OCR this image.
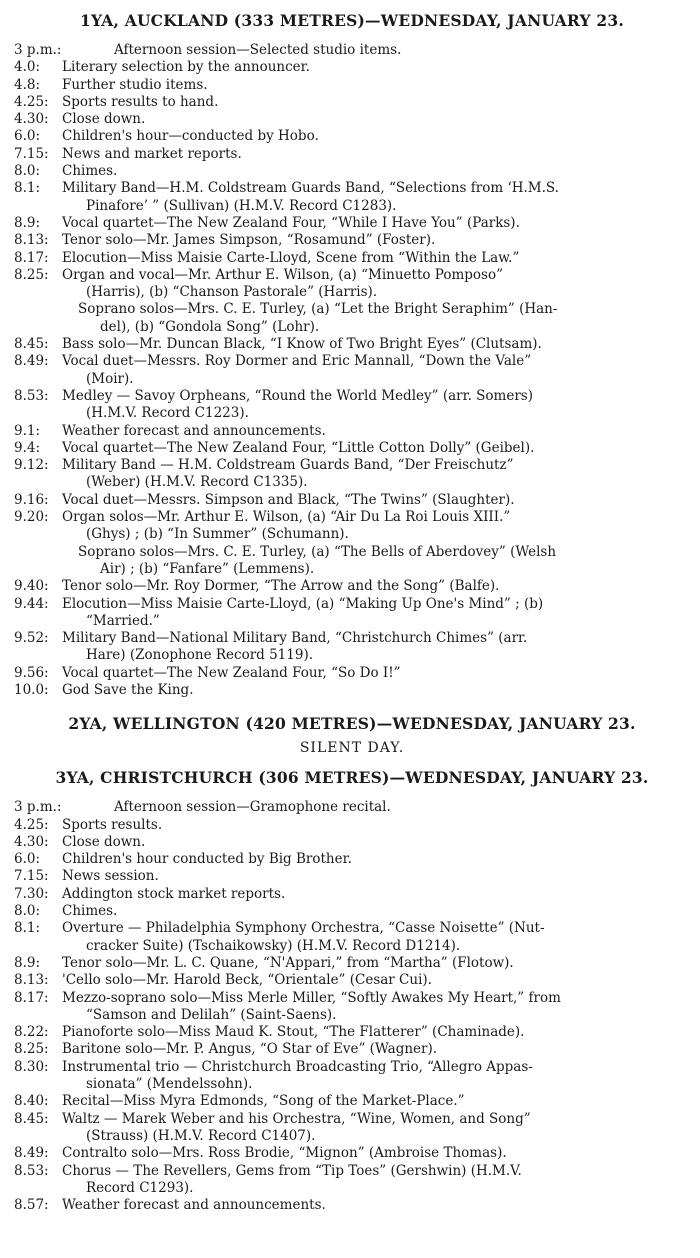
1YA, AUCKLAND (333 METRES)—WEDNESDAY, JANUARY 23.
3 p.m.:	Afternoon session—Selected studio items.
4.0:	Literary selection by the announcer.
4.8:	Further studio items.
4.25: Sports results to hand.
4.30: Close down.
6.0:	Children's hour—conducted by Hobo.
7.15: News and market reports.
8.0:	Chimes.
8.1:	Military Band—H.M. Coldstream Guards Band, “Selections from ‘H.M.S.
Pinafore’ ” (Sullivan) (H.M.V. Record C1283).
8.9:	Vocal quartet—The New Zealand Four, “While I Have You” (Parks).
8.13: Tenor solo—Mr. James Simpson, “Rosamund” (Foster).
8.17: Elocution—Miss Maisie Carte-Lloyd, Scene from “Within the Law.”
8.25: Organ and vocal—Mr. Arthur E. Wilson, (a) “Minuetto Pomposo”
(Harris), (b) “Chanson Pastorale” (Harris).
Soprano solos—Mrs. C. E. Turley, (a) “Let the Bright Seraphim” (Han-
del), (b) “Gondola Song” (Lohr).
8.45: Bass solo—Mr. Duncan Black, “I Know of Two Bright Eyes” (Clutsam).
8.49: Vocal duet—Messrs. Roy Dormer and Eric Mannall, “Down the Vale”
(Moir).
8.53: Medley — Savoy Orpheans, “Round the World Medley” (arr. Somers)
(H.M.V. Record C1223).
9.1:	Weather forecast and announcements.
9.4:	Vocal quartet—The New Zealand Four, “Little Cotton Dolly” (Geibel).
9.12: Military Band — H.M. Coldstream Guards Band, “Der Freischutz”
(Weber) (H.M.V. Record C1335).
9.16: Vocal duet—Messrs. Simpson and Black, “The Twins” (Slaughter).
9.20: Organ solos—Mr. Arthur E. Wilson, (a) “Air Du La Roi Louis XIII.”
(Ghys) ; (b) “In Summer” (Schumann).
Soprano solos—Mrs. C. E. Turley, (a) “The Bells of Aberdovey” (Welsh
Air) ; (b) “Fanfare” (Lemmens).
9.40: Tenor solo—Mr. Roy Dormer, “The Arrow and the Song” (Balfe).
9.44: Elocution—Miss Maisie Carte-Lloyd, (a) “Making Up One's Mind” ; (b)
“Married.”
9.52: Military Band—National Military Band, “Christchurch Chimes” (arr.
Hare) (Zonophone Record 5119).
9.56: Vocal quartet—The New Zealand Four, “So Do I!”
10.0: God Save the King.
2YA, WELLINGTON (420 METRES)—WEDNESDAY, JANUARY 23.
SILENT DAY.
3YA, CHRISTCHURCH (306 METRES)—WEDNESDAY, JANUARY 23.
3 p.m.:	Afternoon session—Gramophone recital.
4.25: Sports results.
4.30: Close down.
6.0:	Children's hour conducted by Big Brother.
7.15: News session.
7.30: Addington stock market reports.
8.0:	Chimes.
8.1:	Overture — Philadelphia Symphony Orchestra, “Casse Noisette” (Nut-
cracker Suite) (Tschaikowsky) (H.M.V. Record D1214).
8.9:	Tenor solo—Mr. L. C. Quane, “N'Appari,” from “Martha” (Flotow).
8.13: 'Cello solo—Mr. Harold Beck, “Orientale” (Cesar Cui).
8.17: Mezzo-soprano solo—Miss Merle Miller, “Softly Awakes My Heart,” from
“Samson and Delilah” (Saint-Saens).
8.22: Pianoforte solo—Miss Maud K. Stout, “The Flatterer” (Chaminade).
8.25: Baritone solo—Mr. P. Angus, “O Star of Eve” (Wagner).
8.30: Instrumental trio — Christchurch Broadcasting Trio, “Allegro Appas-
sionata” (Mendelssohn).
8.40: Recital—Miss Myra Edmonds, “Song of the Market-Place.”
8.45: Waltz — Marek Weber and his Orchestra, “Wine, Women, and Song”
(Strauss) (H.M.V. Record C1407).
8.49: Contralto solo—Mrs. Ross Brodie, “Mignon” (Ambroise Thomas).
8.53: Chorus — The Revellers, Gems from “Tip Toes” (Gershwin) (H.M.V.
Record C1293).
8.57: Weather forecast and announcements.
